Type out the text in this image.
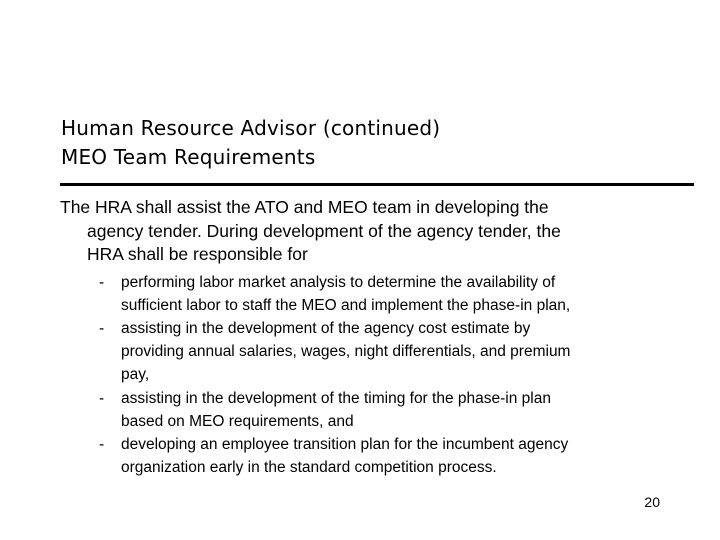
Human Resource Advisor (continued)
MEO Team Requirements

The HRA shall assist the ATO and MEO team in developing the
agency tender. During development of the agency tender, the
HRA shall be responsible for

- performing labor market analysis to determine the availability of
sufficient labor to staff the MEO and implement the phase-in plan,
- assisting in the development of the agency cost estimate by
providing annual salaries, wages, night differentials, and premium
pay,
- assisting in the development of the timing for the phase-in plan
based on MEO requirements, and
- developing an employee transition plan for the incumbent agency
organization early in the standard competition process.
20
